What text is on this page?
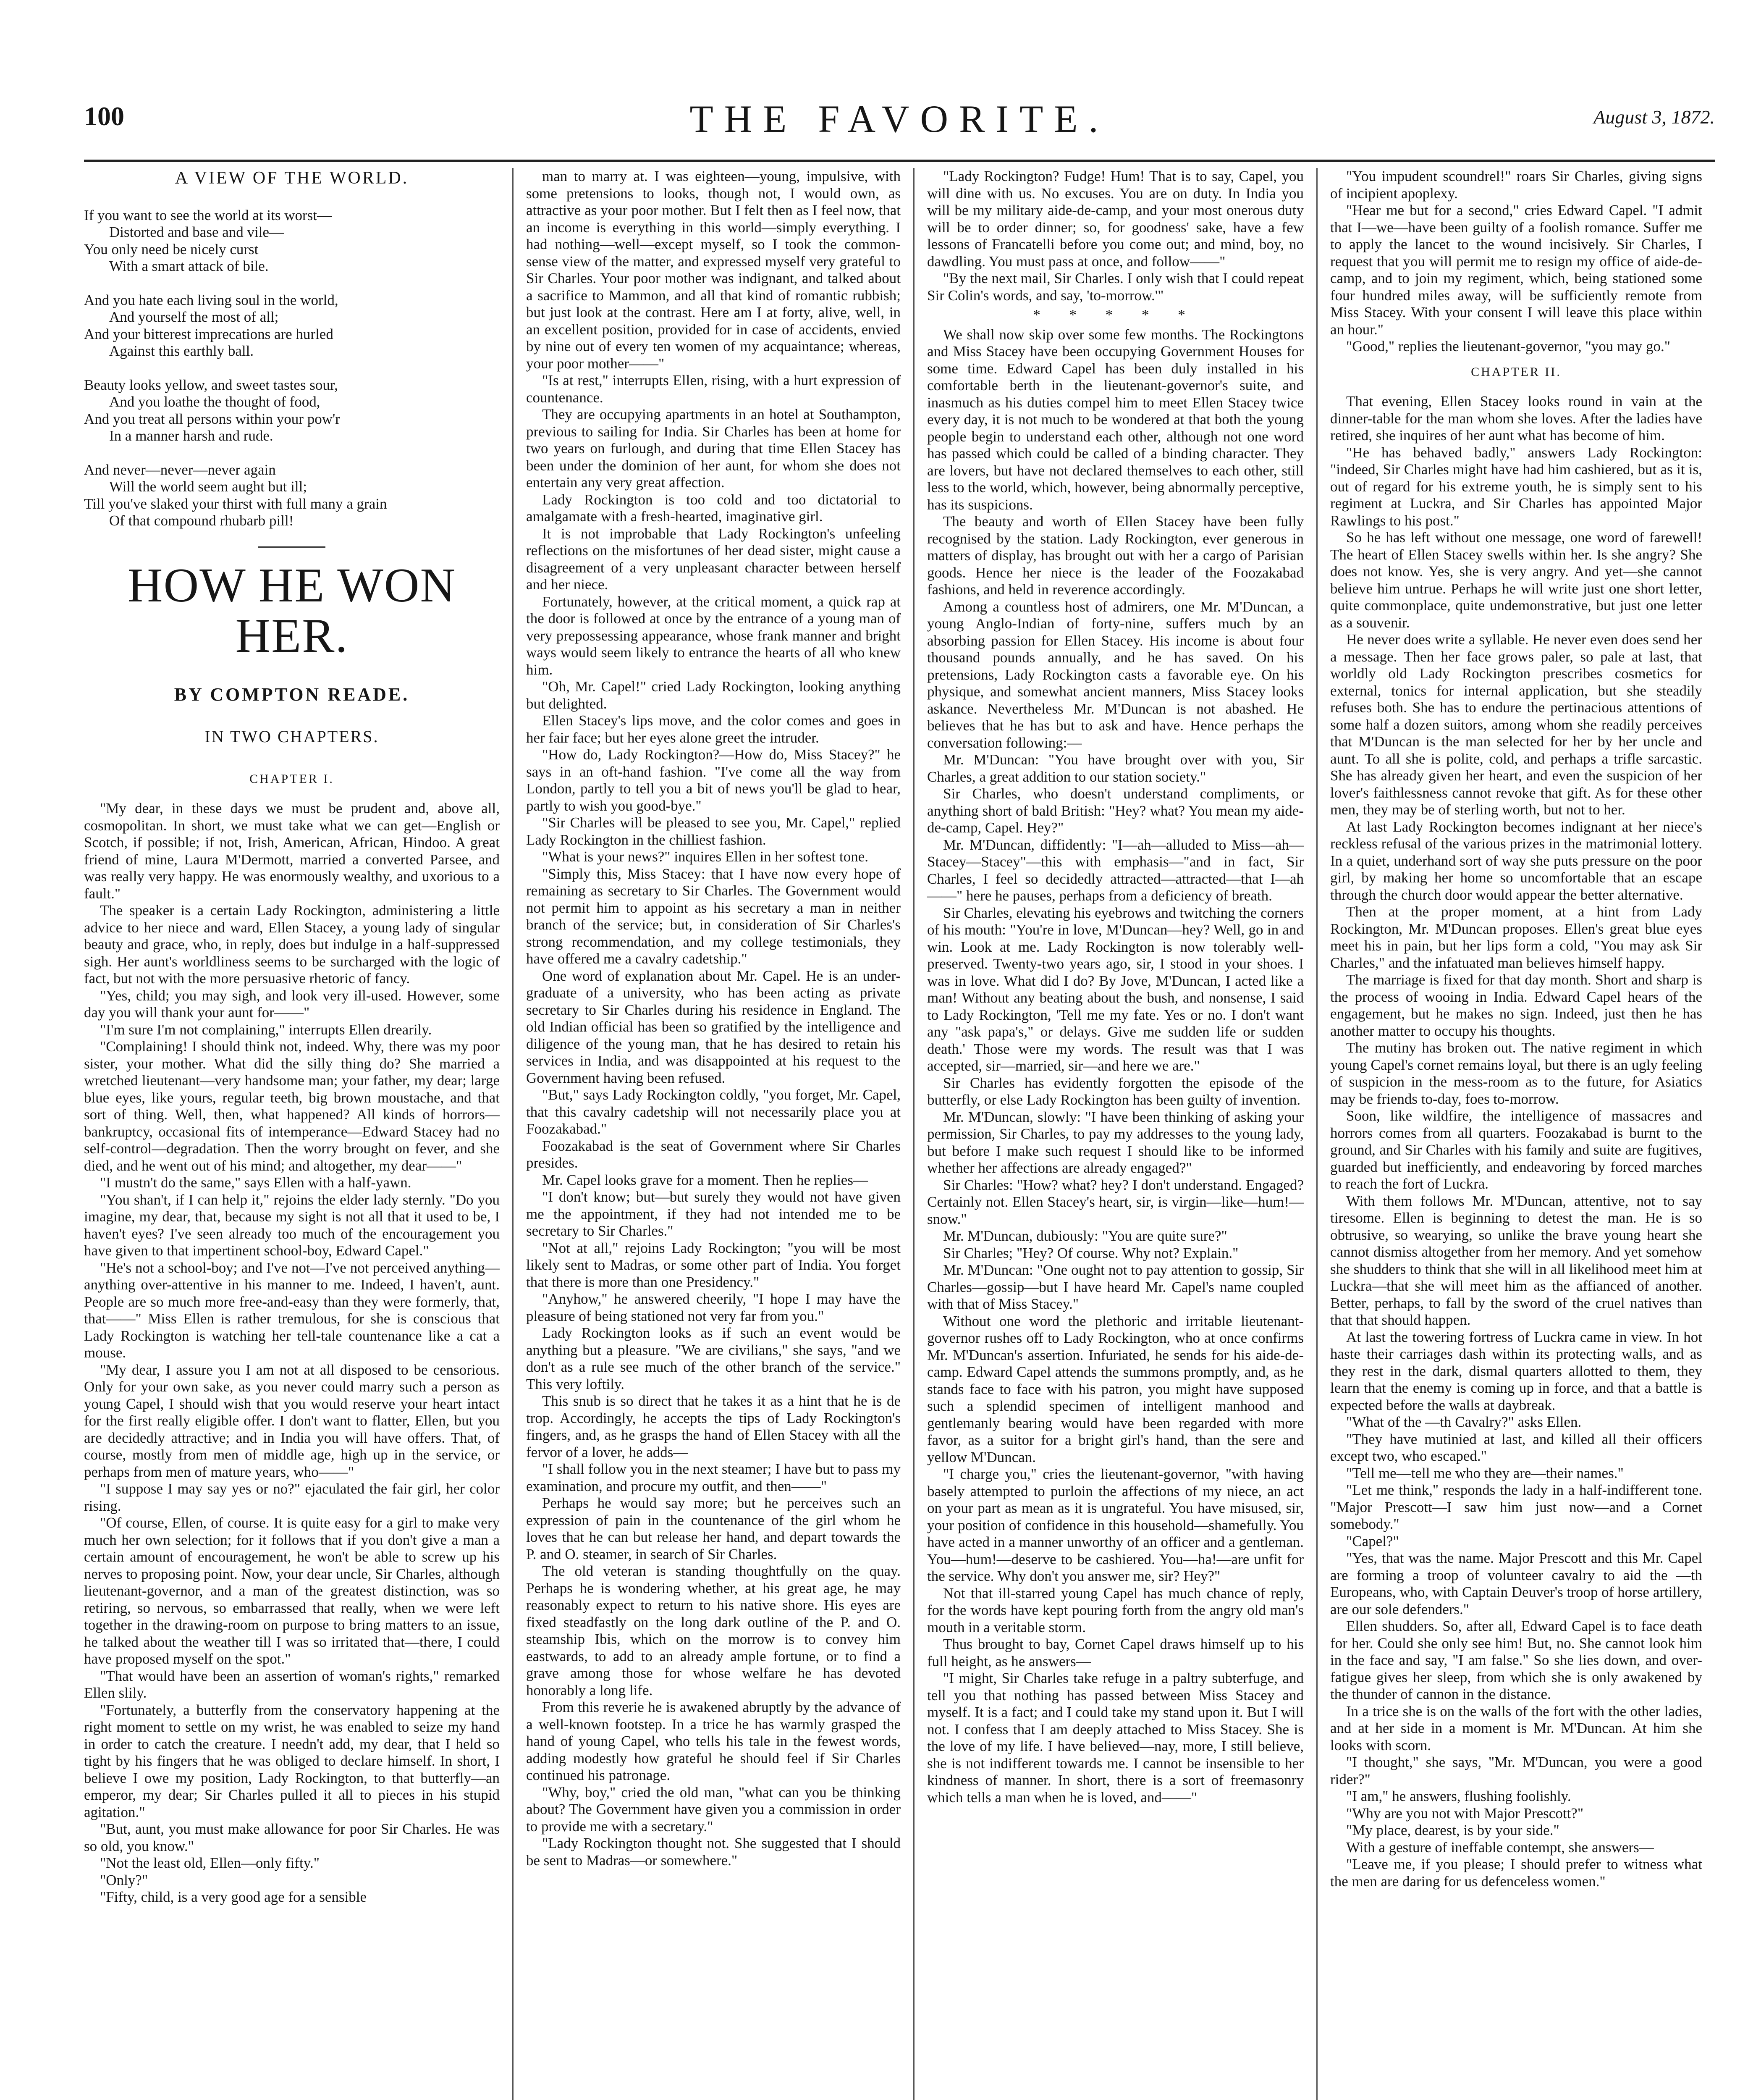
100	THE FAVORITE.	August 3, 1872.
A VIEW OF THE WORLD.
If you want to see the world at its worst—
Distorted and base and vile—
You only need be nicely curst
With a smart attack of bile.
And you hate each living soul in the world,
And yourself the most of all;
And your bitterest imprecations are hurled
Against this earthly ball.
Beauty looks yellow, and sweet tastes sour,
And you loathe the thought of food,
And you treat all persons within your pow'r
In a manner harsh and rude.
And never—never—never again
Will the world seem aught but ill;
Till you've slaked your thirst with full many a grain
Of that compound rhubarb pill!
HOW HE WON HER.
BY COMPTON READE.
IN TWO CHAPTERS.
CHAPTER I.

"My dear, in these days we must be prudent and, above all, cosmopolitan. In short, we must take what we can get—English or Scotch, if possible; if not, Irish, American, African, Hindoo. A great friend of mine, Laura M'Dermott, married a converted Parsee, and was really very happy. He was enormously wealthy, and uxorious to a fault."

The speaker is a certain Lady Rockington, administering a little advice to her niece and ward, Ellen Stacey, a young lady of singular beauty and grace, who, in reply, does but indulge in a half-suppressed sigh. Her aunt's worldliness seems to be surcharged with the logic of fact, but not with the more persuasive rhetoric of fancy.

"Yes, child; you may sigh, and look very ill-used. However, some day you will thank your aunt for——"

"I'm sure I'm not complaining," interrupts Ellen drearily.

"Complaining! I should think not, indeed. Why, there was my poor sister, your mother. What did the silly thing do? She married a wretched lieutenant—very handsome man; your father, my dear; large blue eyes, like yours, regular teeth, big brown moustache, and that sort of thing. Well, then, what happened? All kinds of horrors—bankruptcy, occasional fits of intemperance—Edward Stacey had no self-control—degradation. Then the worry brought on fever, and she died, and he went out of his mind; and altogether, my dear——"

"I mustn't do the same," says Ellen with a half-yawn.

"You shan't, if I can help it," rejoins the elder lady sternly. "Do you imagine, my dear, that, because my sight is not all that it used to be, I haven't eyes? I've seen already too much of the encouragement you have given to that impertinent school-boy, Edward Capel."

"He's not a school-boy; and I've not—I've not perceived anything—anything over-attentive in his manner to me. Indeed, I haven't, aunt. People are so much more free-and-easy than they were formerly, that, that——" Miss Ellen is rather tremulous, for she is conscious that Lady Rockington is watching her tell-tale countenance like a cat a mouse.

"My dear, I assure you I am not at all disposed to be censorious. Only for your own sake, as you never could marry such a person as young Capel, I should wish that you would reserve your heart intact for the first really eligible offer. I don't want to flatter, Ellen, but you are decidedly attractive; and in India you will have offers. That, of course, mostly from men of middle age, high up in the service, or perhaps from men of mature years, who——"

"I suppose I may say yes or no?" ejaculated the fair girl, her color rising.

"Of course, Ellen, of course. It is quite easy for a girl to make very much her own selection; for it follows that if you don't give a man a certain amount of encouragement, he won't be able to screw up his nerves to proposing point. Now, your dear uncle, Sir Charles, although lieutenant-governor, and a man of the greatest distinction, was so retiring, so nervous, so embarrassed that really, when we were left together in the drawing-room on purpose to bring matters to an issue, he talked about the weather till I was so irritated that—there, I could have proposed myself on the spot."

"That would have been an assertion of woman's rights," remarked Ellen slily.

"Fortunately, a butterfly from the conservatory happening at the right moment to settle on my wrist, he was enabled to seize my hand in order to catch the creature. I needn't add, my dear, that I held so tight by his fingers that he was obliged to declare himself. In short, I believe I owe my position, Lady Rockington, to that butterfly—an emperor, my dear; Sir Charles pulled it all to pieces in his stupid agitation."

"But, aunt, you must make allowance for poor Sir Charles. He was so old, you know."

"Not the least old, Ellen—only fifty."

"Only?"

"Fifty, child, is a very good age for a sensible

man to marry at. I was eighteen—young, impulsive, with some pretensions to looks, though not, I would own, as attractive as your poor mother. But I felt then as I feel now, that an income is everything in this world—simply everything. I had nothing—well—except myself, so I took the common-sense view of the matter, and expressed myself very grateful to Sir Charles. Your poor mother was indignant, and talked about a sacrifice to Mammon, and all that kind of romantic rubbish; but just look at the contrast. Here am I at forty, alive, well, in an excellent position, provided for in case of accidents, envied by nine out of every ten women of my acquaintance; whereas, your poor mother——"

"Is at rest," interrupts Ellen, rising, with a hurt expression of countenance.

They are occupying apartments in an hotel at Southampton, previous to sailing for India. Sir Charles has been at home for two years on furlough, and during that time Ellen Stacey has been under the dominion of her aunt, for whom she does not entertain any very great affection.

Lady Rockington is too cold and too dictatorial to amalgamate with a fresh-hearted, imaginative girl.

It is not improbable that Lady Rockington's unfeeling reflections on the misfortunes of her dead sister, might cause a disagreement of a very unpleasant character between herself and her niece.

Fortunately, however, at the critical moment, a quick rap at the door is followed at once by the entrance of a young man of very prepossessing appearance, whose frank manner and bright ways would seem likely to entrance the hearts of all who knew him.

"Oh, Mr. Capel!" cried Lady Rockington, looking anything but delighted.

Ellen Stacey's lips move, and the color comes and goes in her fair face; but her eyes alone greet the intruder.

"How do, Lady Rockington?—How do, Miss Stacey?" he says in an oft-hand fashion. "I've come all the way from London, partly to tell you a bit of news you'll be glad to hear, partly to wish you good-bye."

"Sir Charles will be pleased to see you, Mr. Capel," replied Lady Rockington in the chilliest fashion.

"What is your news?" inquires Ellen in her softest tone.

"Simply this, Miss Stacey: that I have now every hope of remaining as secretary to Sir Charles. The Government would not permit him to appoint as his secretary a man in neither branch of the service; but, in consideration of Sir Charles's strong recommendation, and my college testimonials, they have offered me a cavalry cadetship."

One word of explanation about Mr. Capel. He is an under-graduate of a university, who has been acting as private secretary to Sir Charles during his residence in England. The old Indian official has been so gratified by the intelligence and diligence of the young man, that he has desired to retain his services in India, and was disappointed at his request to the Government having been refused.

"But," says Lady Rockington coldly, "you forget, Mr. Capel, that this cavalry cadetship will not necessarily place you at Foozakabad."

Foozakabad is the seat of Government where Sir Charles presides.

Mr. Capel looks grave for a moment. Then he replies—

"I don't know; but—but surely they would not have given me the appointment, if they had not intended me to be secretary to Sir Charles."

"Not at all," rejoins Lady Rockington; "you will be most likely sent to Madras, or some other part of India. You forget that there is more than one Presidency."

"Anyhow," he answered cheerily, "I hope I may have the pleasure of being stationed not very far from you."

Lady Rockington looks as if such an event would be anything but a pleasure. "We are civilians," she says, "and we don't as a rule see much of the other branch of the service." This very loftily.

This snub is so direct that he takes it as a hint that he is de trop. Accordingly, he accepts the tips of Lady Rockington's fingers, and, as he grasps the hand of Ellen Stacey with all the fervor of a lover, he adds—

"I shall follow you in the next steamer; I have but to pass my examination, and procure my outfit, and then——"

Perhaps he would say more; but he perceives such an expression of pain in the countenance of the girl whom he loves that he can but release her hand, and depart towards the P. and O. steamer, in search of Sir Charles.

The old veteran is standing thoughtfully on the quay. Perhaps he is wondering whether, at his great age, he may reasonably expect to return to his native shore. His eyes are fixed steadfastly on the long dark outline of the P. and O. steamship Ibis, which on the morrow is to convey him eastwards, to add to an already ample fortune, or to find a grave among those for whose welfare he has devoted honorably a long life.

From this reverie he is awakened abruptly by the advance of a well-known footstep. In a trice he has warmly grasped the hand of young Capel, who tells his tale in the fewest words, adding modestly how grateful he should feel if Sir Charles continued his patronage.

"Why, boy," cried the old man, "what can you be thinking about? The Government have given you a commission in order to provide me with a secretary."

"Lady Rockington thought not. She suggested that I should be sent to Madras—or somewhere."

"Lady Rockington? Fudge! Hum! That is to say, Capel, you will dine with us. No excuses. You are on duty. In India you will be my military aide-de-camp, and your most onerous duty will be to order dinner; so, for goodness' sake, have a few lessons of Francatelli before you come out; and mind, boy, no dawdling. You must pass at once, and follow——"

"By the next mail, Sir Charles. I only wish that I could repeat Sir Colin's words, and say, 'to-morrow.'"

* * * * *

We shall now skip over some few months. The Rockingtons and Miss Stacey have been occupying Government Houses for some time. Edward Capel has been duly installed in his comfortable berth in the lieutenant-governor's suite, and inasmuch as his duties compel him to meet Ellen Stacey twice every day, it is not much to be wondered at that both the young people begin to understand each other, although not one word has passed which could be called of a binding character. They are lovers, but have not declared themselves to each other, still less to the world, which, however, being abnormally perceptive, has its suspicions.

The beauty and worth of Ellen Stacey have been fully recognised by the station. Lady Rockington, ever generous in matters of display, has brought out with her a cargo of Parisian goods. Hence her niece is the leader of the Foozakabad fashions, and held in reverence accordingly.

Among a countless host of admirers, one Mr. M'Duncan, a young Anglo-Indian of forty-nine, suffers much by an absorbing passion for Ellen Stacey. His income is about four thousand pounds annually, and he has saved. On his pretensions, Lady Rockington casts a favorable eye. On his physique, and somewhat ancient manners, Miss Stacey looks askance. Nevertheless Mr. M'Duncan is not abashed. He believes that he has but to ask and have. Hence perhaps the conversation following:—

Mr. M'Duncan: "You have brought over with you, Sir Charles, a great addition to our station society."

Sir Charles, who doesn't understand compliments, or anything short of bald British: "Hey? what? You mean my aide-de-camp, Capel. Hey?"

Mr. M'Duncan, diffidently: "I—ah—alluded to Miss—ah—Stacey—Stacey"—this with emphasis—"and in fact, Sir Charles, I feel so decidedly attracted—attracted—that I—ah——" here he pauses, perhaps from a deficiency of breath.

Sir Charles, elevating his eyebrows and twitching the corners of his mouth: "You're in love, M'Duncan—hey? Well, go in and win. Look at me. Lady Rockington is now tolerably well-preserved. Twenty-two years ago, sir, I stood in your shoes. I was in love. What did I do? By Jove, M'Duncan, I acted like a man! Without any beating about the bush, and nonsense, I said to Lady Rockington, 'Tell me my fate. Yes or no. I don't want any "ask papa's," or delays. Give me sudden life or sudden death.' Those were my words. The result was that I was accepted, sir—married, sir—and here we are."

Sir Charles has evidently forgotten the episode of the butterfly, or else Lady Rockington has been guilty of invention.

Mr. M'Duncan, slowly: "I have been thinking of asking your permission, Sir Charles, to pay my addresses to the young lady, but before I make such request I should like to be informed whether her affections are already engaged?"

Sir Charles: "How? what? hey? I don't understand. Engaged? Certainly not. Ellen Stacey's heart, sir, is virgin—like—hum!—snow."

Mr. M'Duncan, dubiously: "You are quite sure?"

Sir Charles; "Hey? Of course. Why not? Explain."

Mr. M'Duncan: "One ought not to pay attention to gossip, Sir Charles—gossip—but I have heard Mr. Capel's name coupled with that of Miss Stacey."

Without one word the plethoric and irritable lieutenant-governor rushes off to Lady Rockington, who at once confirms Mr. M'Duncan's assertion. Infuriated, he sends for his aide-de-camp. Edward Capel attends the summons promptly, and, as he stands face to face with his patron, you might have supposed such a splendid specimen of intelligent manhood and gentlemanly bearing would have been regarded with more favor, as a suitor for a bright girl's hand, than the sere and yellow M'Duncan.

"I charge you," cries the lieutenant-governor, "with having basely attempted to purloin the affections of my niece, an act on your part as mean as it is ungrateful. You have misused, sir, your position of confidence in this household—shamefully. You have acted in a manner unworthy of an officer and a gentleman. You—hum!—deserve to be cashiered. You—ha!—are unfit for the service. Why don't you answer me, sir? Hey?"

Not that ill-starred young Capel has much chance of reply, for the words have kept pouring forth from the angry old man's mouth in a veritable storm.

Thus brought to bay, Cornet Capel draws himself up to his full height, as he answers—

"I might, Sir Charles take refuge in a paltry subterfuge, and tell you that nothing has passed between Miss Stacey and myself. It is a fact; and I could take my stand upon it. But I will not. I confess that I am deeply attached to Miss Stacey. She is the love of my life. I have believed—nay, more, I still believe, she is not indifferent towards me. I cannot be insensible to her kindness of manner. In short, there is a sort of freemasonry which tells a man when he is loved, and——"

"You impudent scoundrel!" roars Sir Charles, giving signs of incipient apoplexy.

"Hear me but for a second," cries Edward Capel. "I admit that I—we—have been guilty of a foolish romance. Suffer me to apply the lancet to the wound incisively. Sir Charles, I request that you will permit me to resign my office of aide-de-camp, and to join my regiment, which, being stationed some four hundred miles away, will be sufficiently remote from Miss Stacey. With your consent I will leave this place within an hour."

"Good," replies the lieutenant-governor, "you may go."

CHAPTER II.

That evening, Ellen Stacey looks round in vain at the dinner-table for the man whom she loves. After the ladies have retired, she inquires of her aunt what has become of him.

"He has behaved badly," answers Lady Rockington: "indeed, Sir Charles might have had him cashiered, but as it is, out of regard for his extreme youth, he is simply sent to his regiment at Luckra, and Sir Charles has appointed Major Rawlings to his post."

So he has left without one message, one word of farewell! The heart of Ellen Stacey swells within her. Is she angry? She does not know. Yes, she is very angry. And yet—she cannot believe him untrue. Perhaps he will write just one short letter, quite commonplace, quite undemonstrative, but just one letter as a souvenir.

He never does write a syllable. He never even does send her a message. Then her face grows paler, so pale at last, that worldly old Lady Rockington prescribes cosmetics for external, tonics for internal application, but she steadily refuses both. She has to endure the pertinacious attentions of some half a dozen suitors, among whom she readily perceives that M'Duncan is the man selected for her by her uncle and aunt. To all she is polite, cold, and perhaps a trifle sarcastic. She has already given her heart, and even the suspicion of her lover's faithlessness cannot revoke that gift. As for these other men, they may be of sterling worth, but not to her.

At last Lady Rockington becomes indignant at her niece's reckless refusal of the various prizes in the matrimonial lottery. In a quiet, underhand sort of way she puts pressure on the poor girl, by making her home so uncomfortable that an escape through the church door would appear the better alternative.

Then at the proper moment, at a hint from Lady Rockington, Mr. M'Duncan proposes. Ellen's great blue eyes meet his in pain, but her lips form a cold, "You may ask Sir Charles," and the infatuated man believes himself happy.

The marriage is fixed for that day month. Short and sharp is the process of wooing in India. Edward Capel hears of the engagement, but he makes no sign. Indeed, just then he has another matter to occupy his thoughts.

The mutiny has broken out. The native regiment in which young Capel's cornet remains loyal, but there is an ugly feeling of suspicion in the mess-room as to the future, for Asiatics may be friends to-day, foes to-morrow.

Soon, like wildfire, the intelligence of massacres and horrors comes from all quarters. Foozakabad is burnt to the ground, and Sir Charles with his family and suite are fugitives, guarded but inefficiently, and endeavoring by forced marches to reach the fort of Luckra.

With them follows Mr. M'Duncan, attentive, not to say tiresome. Ellen is beginning to detest the man. He is so obtrusive, so wearying, so unlike the brave young heart she cannot dismiss altogether from her memory. And yet somehow she shudders to think that she will in all likelihood meet him at Luckra—that she will meet him as the affianced of another. Better, perhaps, to fall by the sword of the cruel natives than that that should happen.

At last the towering fortress of Luckra came in view. In hot haste their carriages dash within its protecting walls, and as they rest in the dark, dismal quarters allotted to them, they learn that the enemy is coming up in force, and that a battle is expected before the walls at daybreak.

"What of the —th Cavalry?" asks Ellen.

"They have mutinied at last, and killed all their officers except two, who escaped."

"Tell me—tell me who they are—their names."

"Let me think," responds the lady in a half-indifferent tone. "Major Prescott—I saw him just now—and a Cornet somebody."

"Capel?"

"Yes, that was the name. Major Prescott and this Mr. Capel are forming a troop of volunteer cavalry to aid the —th Europeans, who, with Captain Deuver's troop of horse artillery, are our sole defenders."

Ellen shudders. So, after all, Edward Capel is to face death for her. Could she only see him! But, no. She cannot look him in the face and say, "I am false." So she lies down, and over-fatigue gives her sleep, from which she is only awakened by the thunder of cannon in the distance.

In a trice she is on the walls of the fort with the other ladies, and at her side in a moment is Mr. M'Duncan. At him she looks with scorn.

"I thought," she says, "Mr. M'Duncan, you were a good rider?"

"I am," he answers, flushing foolishly.

"Why are you not with Major Prescott?"

"My place, dearest, is by your side."

With a gesture of ineffable contempt, she answers—

"Leave me, if you please; I should prefer to witness what the men are daring for us defenceless women."
